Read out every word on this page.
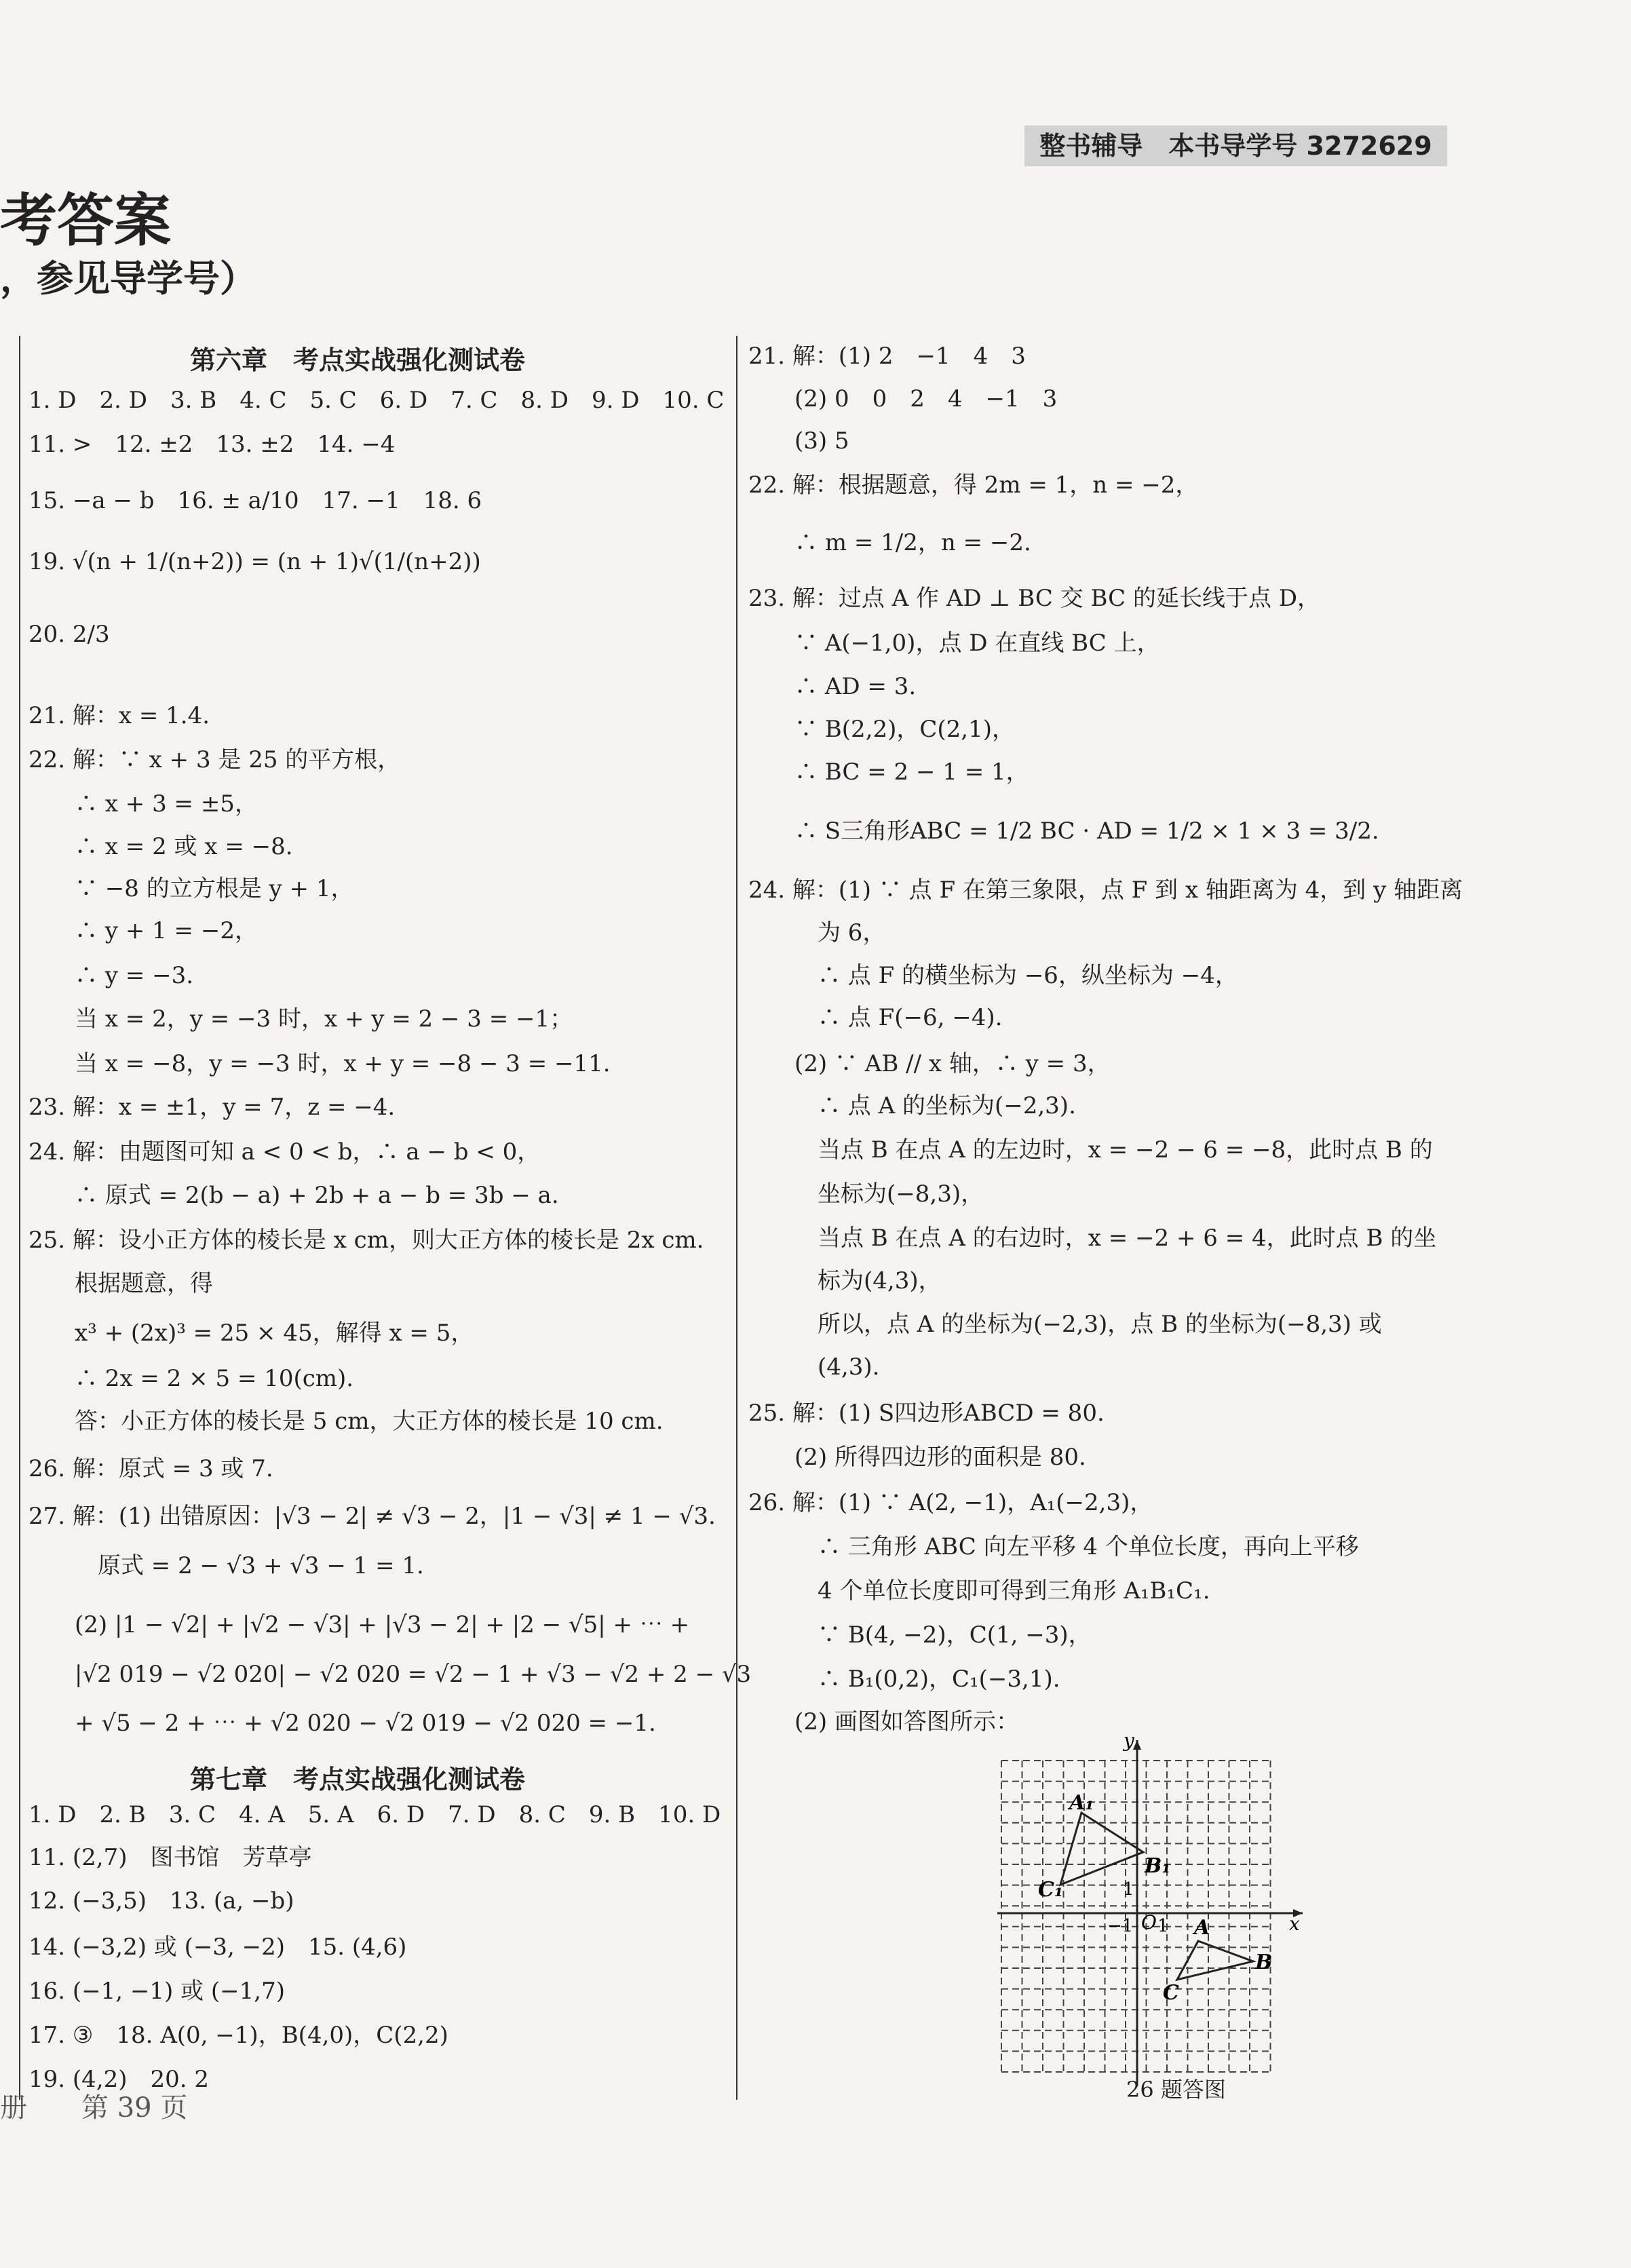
整书辅导　本书导学号 3272629
考答案
，参见导学号）
第六章　考点实战强化测试卷
1. D　2. D　3. B　4. C　5. C　6. D　7. C　8. D　9. D　10. C
11. >　12. ±2　13. ±2　14. −4
15. −a − b　16. ± a/10　17. −1　18. 6
19. √(n + 1/(n+2)) = (n + 1)√(1/(n+2))
20. 2/3
21. 解：x = 1.4.
22. 解：∵ x + 3 是 25 的平方根，
　　∴ x + 3 = ±5，
　　∴ x = 2 或 x = −8.
　　∵ −8 的立方根是 y + 1，
　　∴ y + 1 = −2，
　　∴ y = −3.
　　当 x = 2，y = −3 时，x + y = 2 − 3 = −1；
　　当 x = −8，y = −3 时，x + y = −8 − 3 = −11.
23. 解：x = ±1，y = 7，z = −4.
24. 解：由题图可知 a < 0 < b，∴ a − b < 0，
　　∴ 原式 = 2(b − a) + 2b + a − b = 3b − a.
25. 解：设小正方体的棱长是 x cm，则大正方体的棱长是 2x cm.
　　根据题意，得
　　x³ + (2x)³ = 25 × 45，解得 x = 5，
　　∴ 2x = 2 × 5 = 10(cm).
　　答：小正方体的棱长是 5 cm，大正方体的棱长是 10 cm.
26. 解：原式 = 3 或 7.
27. 解：(1) 出错原因：|√3 − 2| ≠ √3 − 2，|1 − √3| ≠ 1 − √3.
　　　原式 = 2 − √3 + √3 − 1 = 1.
　　(2) |1 − √2| + |√2 − √3| + |√3 − 2| + |2 − √5| + ⋯ +
　　|√2 019 − √2 020| − √2 020 = √2 − 1 + √3 − √2 + 2 − √3
　　+ √5 − 2 + ⋯ + √2 020 − √2 019 − √2 020 = −1.
第七章　考点实战强化测试卷
1. D　2. B　3. C　4. A　5. A　6. D　7. D　8. C　9. B　10. D
11. (2,7)　图书馆　芳草亭
12. (−3,5)　13. (a, −b)
14. (−3,2) 或 (−3, −2)　15. (4,6)
16. (−1, −1) 或 (−1,7)
17. ③　18. A(0, −1)，B(4,0)，C(2,2)
19. (4,2)　20. 2
21. 解：(1) 2　−1　4　3
　　(2) 0　0　2　4　−1　3
　　(3) 5
22. 解：根据题意，得 2m = 1，n = −2，
　　∴ m = 1/2，n = −2.
23. 解：过点 A 作 AD ⊥ BC 交 BC 的延长线于点 D，
　　∵ A(−1,0)，点 D 在直线 BC 上，
　　∴ AD = 3.
　　∵ B(2,2)，C(2,1)，
　　∴ BC = 2 − 1 = 1，
　　∴ S三角形ABC = 1/2 BC · AD = 1/2 × 1 × 3 = 3/2.
24. 解：(1) ∵ 点 F 在第三象限，点 F 到 x 轴距离为 4，到 y 轴距离
　　　为 6，
　　　∴ 点 F 的横坐标为 −6，纵坐标为 −4，
　　　∴ 点 F(−6, −4).
　　(2) ∵ AB // x 轴，∴ y = 3，
　　　∴ 点 A 的坐标为(−2,3).
　　　当点 B 在点 A 的左边时，x = −2 − 6 = −8，此时点 B 的
　　　坐标为(−8,3)，
　　　当点 B 在点 A 的右边时，x = −2 + 6 = 4，此时点 B 的坐
　　　标为(4,3)，
　　　所以，点 A 的坐标为(−2,3)，点 B 的坐标为(−8,3) 或
　　　(4,3).
25. 解：(1) S四边形ABCD = 80.
　　(2) 所得四边形的面积是 80.
26. 解：(1) ∵ A(2, −1)，A₁(−2,3)，
　　　∴ 三角形 ABC 向左平移 4 个单位长度，再向上平移
　　　4 个单位长度即可得到三角形 A₁B₁C₁.
　　　∵ B(4, −2)，C(1, −3)，
　　　∴ B₁(0,2)，C₁(−3,1).
　　(2) 画图如答图所示：
y
x
O
1
−1 1
A₁
B₁
C₁
A
B
C
26 题答图
册　　第 39 页
